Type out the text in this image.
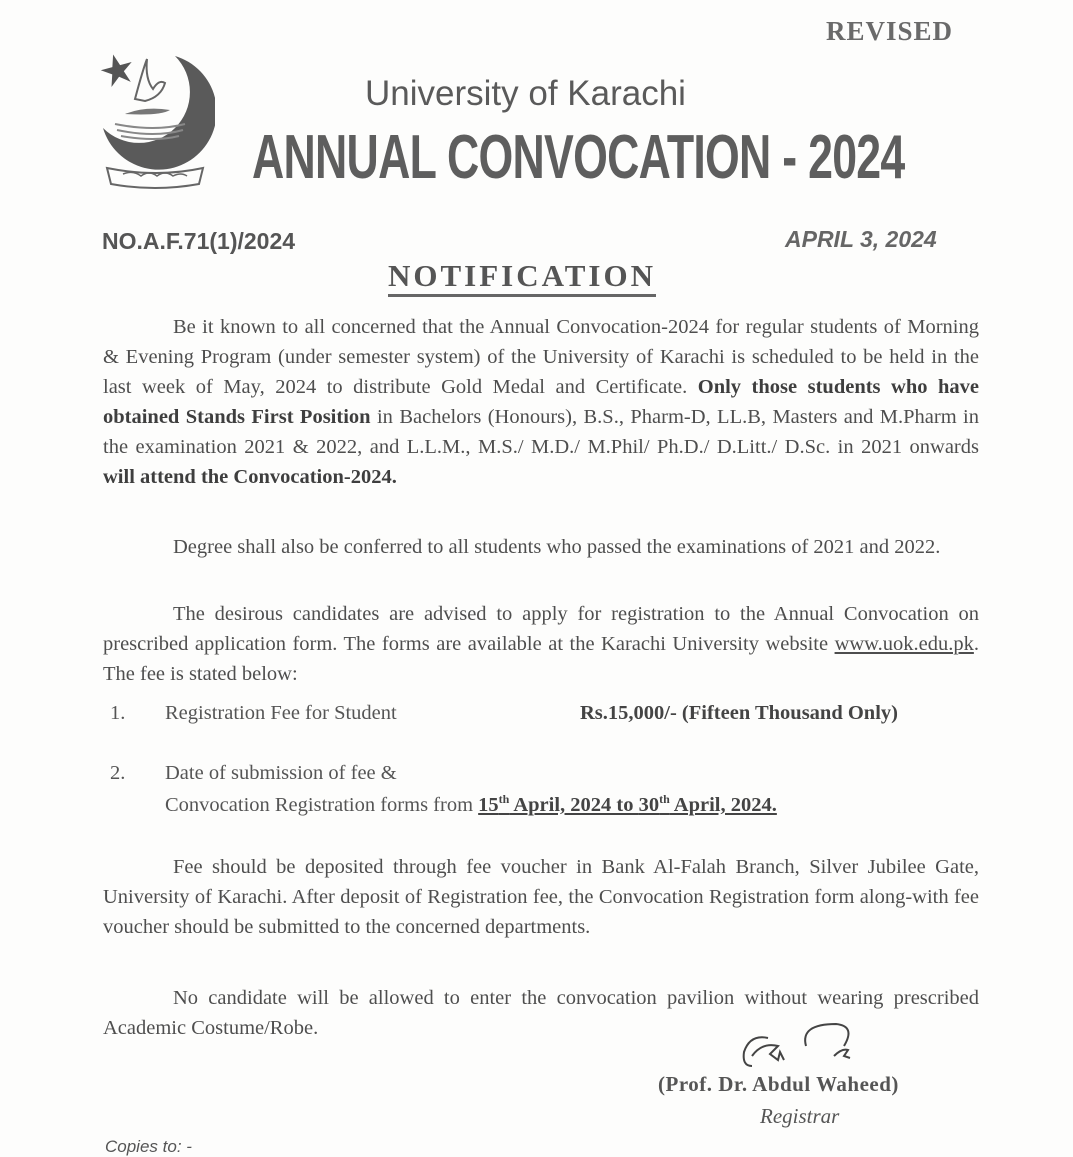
REVISED
University of Karachi
ANNUAL CONVOCATION - 2024
NO.A.F.71(1)/2024	APRIL 3, 2024
NOTIFICATION
Be it known to all concerned that the Annual Convocation-2024 for regular students of Morning & Evening Program (under semester system) of the University of Karachi is scheduled to be held in the last week of May, 2024 to distribute Gold Medal and Certificate. Only those students who have obtained Stands First Position in Bachelors (Honours), B.S., Pharm-D, LL.B, Masters and M.Pharm in the examination 2021 & 2022, and L.L.M., M.S./ M.D./ M.Phil/ Ph.D./ D.Litt./ D.Sc. in 2021 onwards will attend the Convocation-2024.
Degree shall also be conferred to all students who passed the examinations of 2021 and 2022.
The desirous candidates are advised to apply for registration to the Annual Convocation on prescribed application form. The forms are available at the Karachi University website www.uok.edu.pk. The fee is stated below:
1. Registration Fee for Student	Rs.15,000/- (Fifteen Thousand Only)
2. Date of submission of fee &
Convocation Registration forms from 15th April, 2024 to 30th April, 2024.
Fee should be deposited through fee voucher in Bank Al-Falah Branch, Silver Jubilee Gate, University of Karachi. After deposit of Registration fee, the Convocation Registration form along-with fee voucher should be submitted to the concerned departments.
No candidate will be allowed to enter the convocation pavilion without wearing prescribed Academic Costume/Robe.
(Prof. Dr. Abdul Waheed)
Registrar
Copies to: -
